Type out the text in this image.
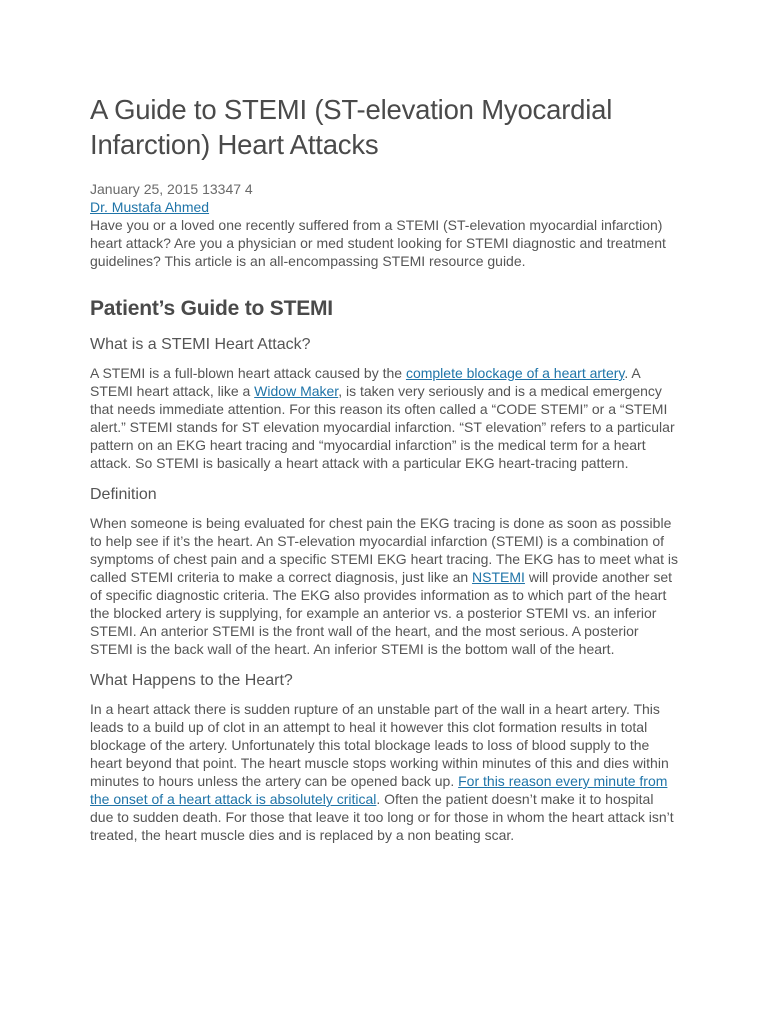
A Guide to STEMI (ST-elevation Myocardial Infarction) Heart Attacks
January 25, 2015 13347 4
Dr. Mustafa Ahmed

Have you or a loved one recently suffered from a STEMI (ST-elevation myocardial infarction) heart attack? Are you a physician or med student looking for STEMI diagnostic and treatment guidelines? This article is an all-encompassing STEMI resource guide.

Patient’s Guide to STEMI
What is a STEMI Heart Attack?

A STEMI is a full-blown heart attack caused by the complete blockage of a heart artery. A STEMI heart attack, like a Widow Maker, is taken very seriously and is a medical emergency that needs immediate attention. For this reason its often called a “CODE STEMI” or a “STEMI alert.” STEMI stands for ST elevation myocardial infarction. “ST elevation” refers to a particular pattern on an EKG heart tracing and “myocardial infarction” is the medical term for a heart attack. So STEMI is basically a heart attack with a particular EKG heart-tracing pattern.

Definition

When someone is being evaluated for chest pain the EKG tracing is done as soon as possible to help see if it’s the heart. An ST-elevation myocardial infarction (STEMI) is a combination of symptoms of chest pain and a specific STEMI EKG heart tracing. The EKG has to meet what is called STEMI criteria to make a correct diagnosis, just like an NSTEMI will provide another set of specific diagnostic criteria. The EKG also provides information as to which part of the heart the blocked artery is supplying, for example an anterior vs. a posterior STEMI vs. an inferior STEMI. An anterior STEMI is the front wall of the heart, and the most serious. A posterior STEMI is the back wall of the heart. An inferior STEMI is the bottom wall of the heart.

What Happens to the Heart?

In a heart attack there is sudden rupture of an unstable part of the wall in a heart artery. This leads to a build up of clot in an attempt to heal it however this clot formation results in total blockage of the artery. Unfortunately this total blockage leads to loss of blood supply to the heart beyond that point. The heart muscle stops working within minutes of this and dies within minutes to hours unless the artery can be opened back up. For this reason every minute from the onset of a heart attack is absolutely critical. Often the patient doesn’t make it to hospital due to sudden death. For those that leave it too long or for those in whom the heart attack isn’t treated, the heart muscle dies and is replaced by a non beating scar.
